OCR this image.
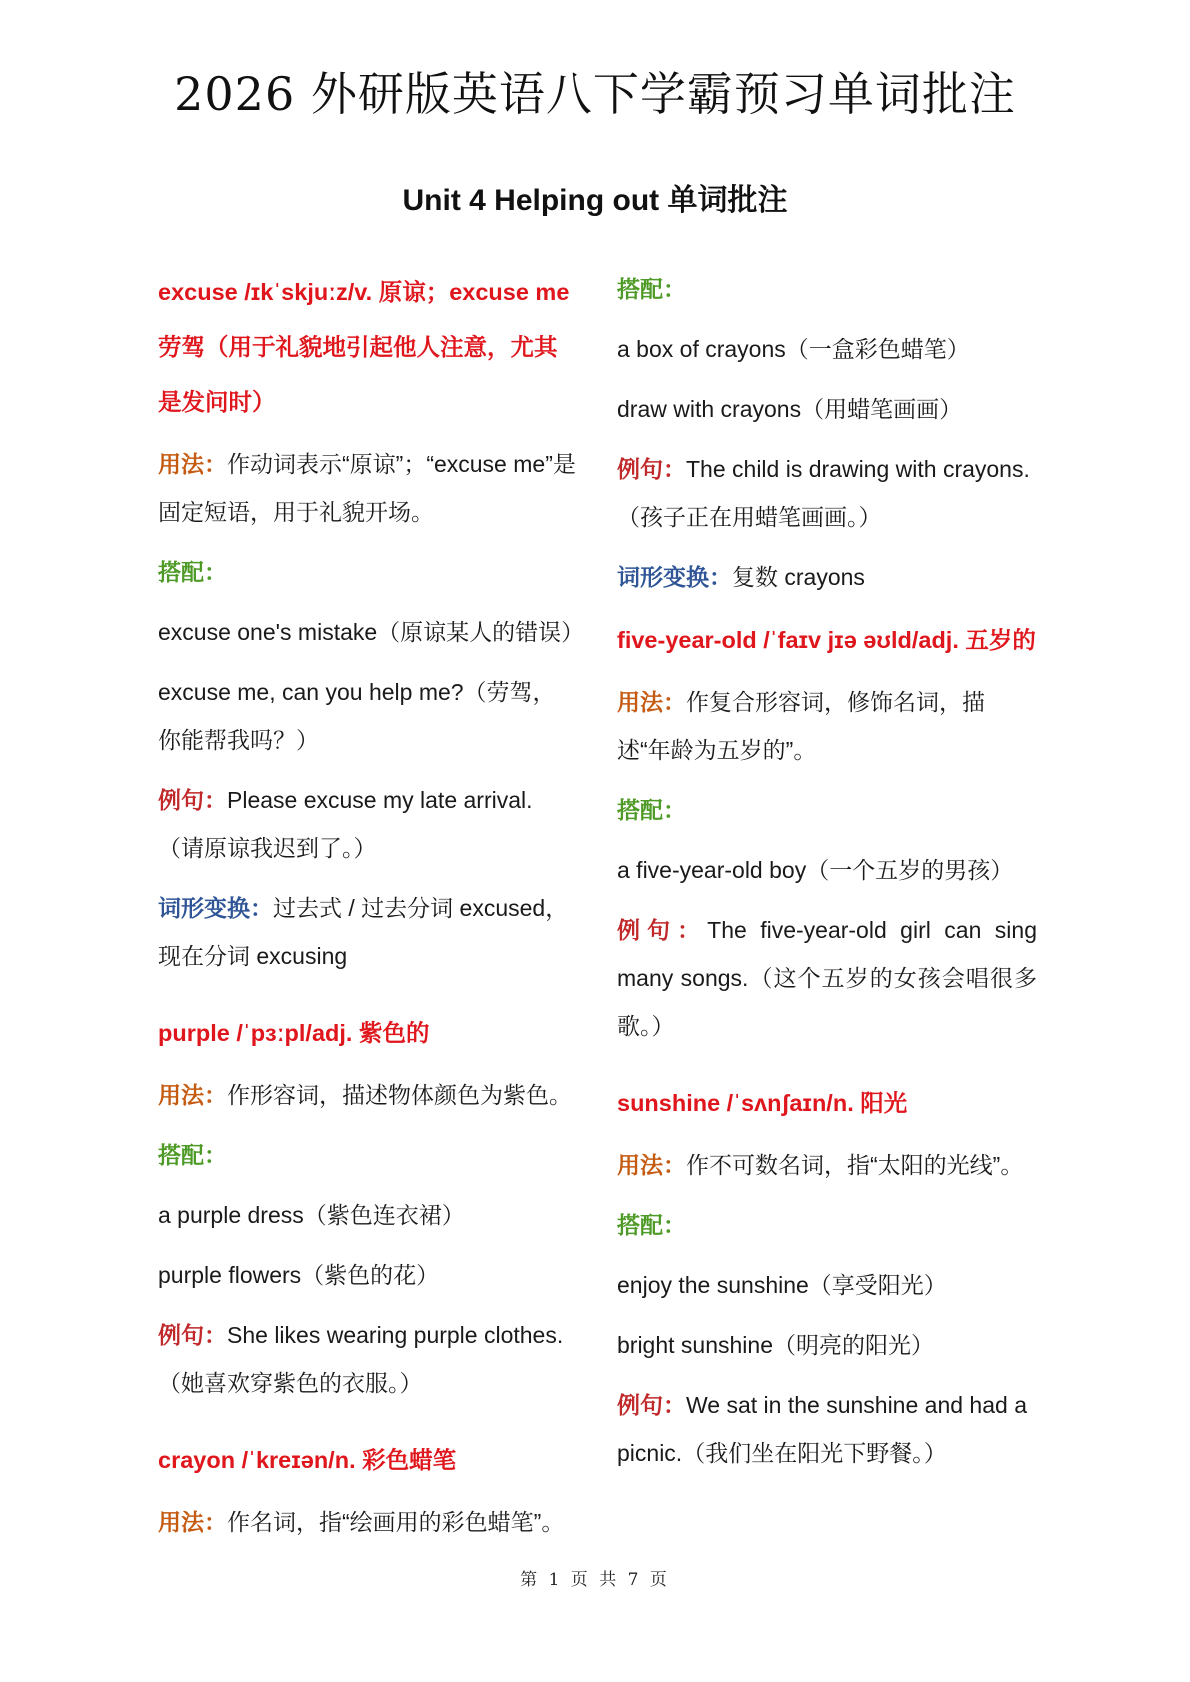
2026 外研版英语八下学霸预习单词批注
Unit 4 Helping out 单词批注
excuse /ɪkˈskjuːz/v. 原谅；excuse me 劳驾（用于礼貌地引起他人注意，尤其是发问时）
用法：作动词表示“原谅”；“excuse me”是固定短语，用于礼貌开场。
搭配：
excuse one's mistake（原谅某人的错误）
excuse me, can you help me?（劳驾，你能帮我吗？）
例句：Please excuse my late arrival.（请原谅我迟到了。）
词形变换：过去式 / 过去分词 excused，现在分词 excusing
purple /ˈpɜːpl/adj. 紫色的
用法：作形容词，描述物体颜色为紫色。
搭配：
a purple dress（紫色连衣裙）
purple flowers（紫色的花）
例句：She likes wearing purple clothes.（她喜欢穿紫色的衣服。）
crayon /ˈkreɪən/n. 彩色蜡笔
用法：作名词，指“绘画用的彩色蜡笔”。
搭配：
a box of crayons（一盒彩色蜡笔）
draw with crayons（用蜡笔画画）
例句：The child is drawing with crayons.（孩子正在用蜡笔画画。）
词形变换：复数 crayons
five-year-old /ˈfaɪv jɪə əʊld/adj. 五岁的
用法：作复合形容词，修饰名词，描述“年龄为五岁的”。
搭配：
a five-year-old boy（一个五岁的男孩）
例句：The five-year-old girl can sing many songs.（这个五岁的女孩会唱很多歌。）
sunshine /ˈsʌnʃaɪn/n. 阳光
用法：作不可数名词，指“太阳的光线”。
搭配：
enjoy the sunshine（享受阳光）
bright sunshine（明亮的阳光）
例句：We sat in the sunshine and had a picnic.（我们坐在阳光下野餐。）
第 1 页 共 7 页
